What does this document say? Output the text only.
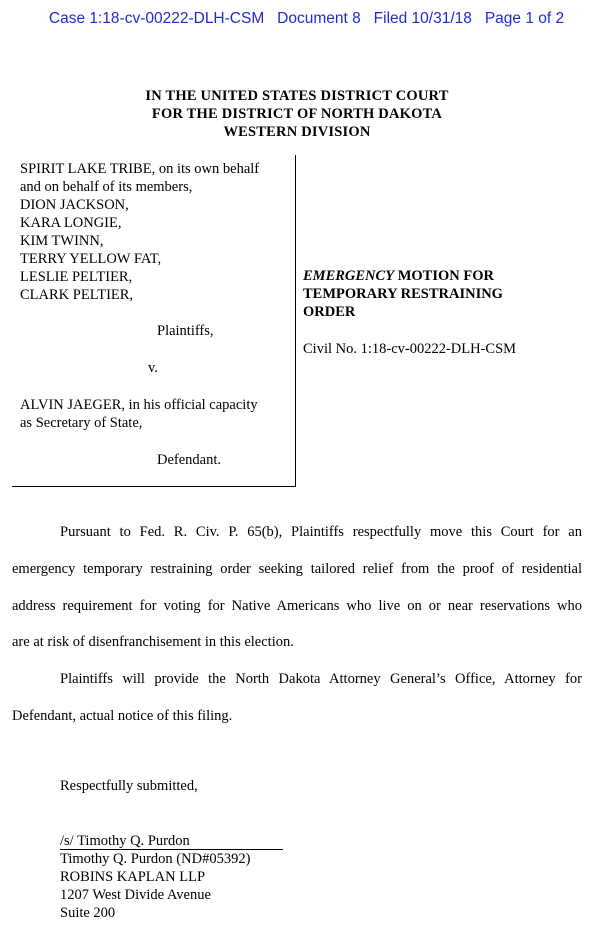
Case 1:18-cv-00222-DLH-CSM Document 8 Filed 10/31/18 Page 1 of 2
IN THE UNITED STATES DISTRICT COURT
FOR THE DISTRICT OF NORTH DAKOTA
WESTERN DIVISION
SPIRIT LAKE TRIBE, on its own behalf
and on behalf of its members,
DION JACKSON,
KARA LONGIE,
KIM TWINN,
TERRY YELLOW FAT,
LESLIE PELTIER,
CLARK PELTIER,
Plaintiffs,
v.
ALVIN JAEGER, in his official capacity
as Secretary of State,
Defendant.
EMERGENCY MOTION FOR
TEMPORARY RESTRAINING
ORDER
Civil No. 1:18-cv-00222-DLH-CSM
Pursuant to Fed. R. Civ. P. 65(b), Plaintiffs respectfully move this Court for an
emergency temporary restraining order seeking tailored relief from the proof of residential
address requirement for voting for Native Americans who live on or near reservations who
are at risk of disenfranchisement in this election.
Plaintiffs will provide the North Dakota Attorney General’s Office, Attorney for
Defendant, actual notice of this filing.
Respectfully submitted,
/s/ Timothy Q. Purdon
Timothy Q. Purdon (ND#05392)
ROBINS KAPLAN LLP
1207 West Divide Avenue
Suite 200
